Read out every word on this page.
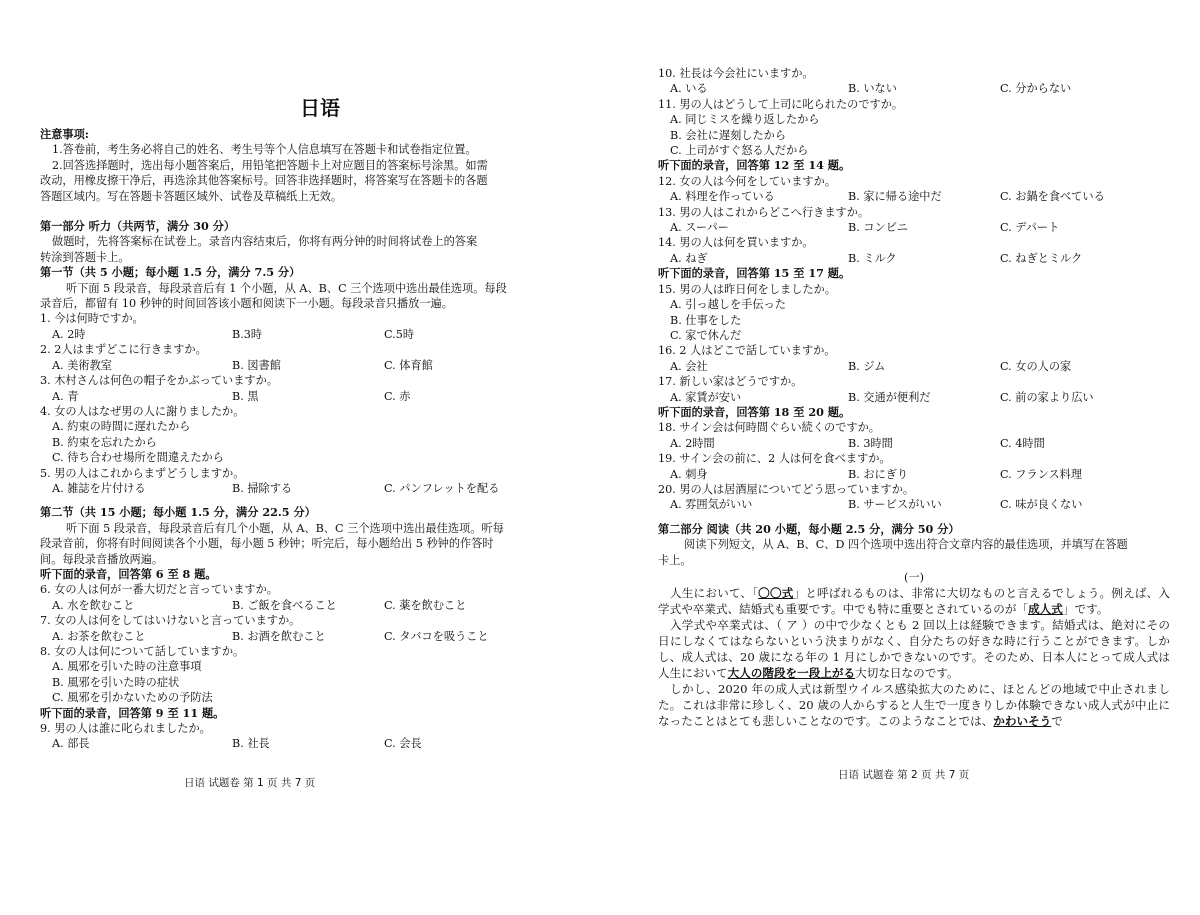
日语
注意事项:
1.答卷前，考生务必将自己的姓名、考生号等个人信息填写在答题卡和试卷指定位置。
2.回答选择题时，选出每小题答案后，用铅笔把答题卡上对应题目的答案标号涂黑。如需
改动，用橡皮擦干净后，再选涂其他答案标号。回答非选择题时，将答案写在答题卡的各题
答题区域内。写在答题卡答题区域外、试卷及草稿纸上无效。
第一部分 听力（共两节，满分 30 分）
做题时，先将答案标在试卷上。录音内容结束后，你将有两分钟的时间将试卷上的答案
转涂到答题卡上。
第一节（共 5 小题；每小题 1.5 分，满分 7.5 分）
听下面 5 段录音，每段录音后有 1 个小题，从 A、B、C 三个选项中选出最佳选项。每段
录音后，都留有 10 秒钟的时间回答该小题和阅读下一小题。每段录音只播放一遍。
1. 今は何時ですか。
A. 2時	B.3時	C.5時
2. 2人はまずどこに行きますか。
A. 美術教室	B. 図書館	C. 体育館
3. 木村さんは何色の帽子をかぶっていますか。
A. 青	B. 黒	C. 赤
4. 女の人はなぜ男の人に謝りましたか。
A. 約束の時間に遅れたから
B. 約束を忘れたから
C. 待ち合わせ場所を間違えたから
5. 男の人はこれからまずどうしますか。
A. 雑誌を片付ける	B. 掃除する	C. パンフレットを配る
第二节（共 15 小题；每小题 1.5 分，满分 22.5 分）
听下面 5 段录音，每段录音后有几个小题，从 A、B、C 三个选项中选出最佳选项。听每
段录音前，你将有时间阅读各个小题，每小题 5 秒钟；听完后，每小题给出 5 秒钟的作答时
间。每段录音播放两遍。
听下面的录音，回答第 6 至 8 题。
6. 女の人は何が一番大切だと言っていますか。
A. 水を飲むこと	B. ご飯を食べること	C. 薬を飲むこと
7. 女の人は何をしてはいけないと言っていますか。
A. お茶を飲むこと	B. お酒を飲むこと	C. タバコを吸うこと
8. 女の人は何について話していますか。
A. 風邪を引いた時の注意事項
B. 風邪を引いた時の症状
C. 風邪を引かないための予防法
听下面的录音，回答第 9 至 11 题。
9. 男の人は誰に叱られましたか。
A. 部長	B. 社長	C. 会長
日语 试题卷 第 1 页 共 7 页
10. 社長は今会社にいますか。
A. いる	B. いない	C. 分からない
11. 男の人はどうして上司に叱られたのですか。
A. 同じミスを繰り返したから
B. 会社に遅刻したから
C. 上司がすぐ怒る人だから
听下面的录音，回答第 12 至 14 题。
12. 女の人は今何をしていますか。
A. 料理を作っている	B. 家に帰る途中だ	C. お鍋を食べている
13. 男の人はこれからどこへ行きますか。
A. スーパー	B. コンビニ	C. デパート
14. 男の人は何を買いますか。
A. ねぎ	B. ミルク	C. ねぎとミルク
听下面的录音，回答第 15 至 17 题。
15. 男の人は昨日何をしましたか。
A. 引っ越しを手伝った
B. 仕事をした
C. 家で休んだ
16. 2 人はどこで話していますか。
A. 会社	B. ジム	C. 女の人の家
17. 新しい家はどうですか。
A. 家賃が安い	B. 交通が便利だ	C. 前の家より広い
听下面的录音，回答第 18 至 20 题。
18. サイン会は何時間ぐらい続くのですか。
A. 2時間	B. 3時間	C. 4時間
19. サイン会の前に、2 人は何を食べますか。
A. 刺身	B. おにぎり	C. フランス料理
20. 男の人は居酒屋についてどう思っていますか。
A. 雰囲気がいい	B. サービスがいい	C. 味が良くない
第二部分 阅读（共 20 小题，每小题 2.5 分，满分 50 分）
阅读下列短文，从 A、B、C、D 四个选项中选出符合文章内容的最佳选项，并填写在答题
卡上。
(一)
人生において、「〇〇式」と呼ばれるものは、非常に大切なものと言えるでしょう。例えば、入学式や卒業式、結婚式も重要です。中でも特に重要とされているのが「成人式」です。
入学式や卒業式は、（ ア ）の中で少なくとも 2 回以上は経験できます。結婚式は、絶対にその日にしなくてはならないという決まりがなく、自分たちの好きな時に行うことができます。しかし、成人式は、20 歳になる年の 1 月にしかできないのです。そのため、日本人にとって成人式は人生において大人の階段を一段上がる大切な日なのです。
しかし、2020 年の成人式は新型ウイルス感染拡大のために、ほとんどの地域で中止されました。これは非常に珍しく、20 歳の人からすると人生で一度きりしか体験できない成人式が中止になったことはとても悲しいことなのです。このようなことでは、かわいそうで
日语 试题卷 第 2 页 共 7 页
